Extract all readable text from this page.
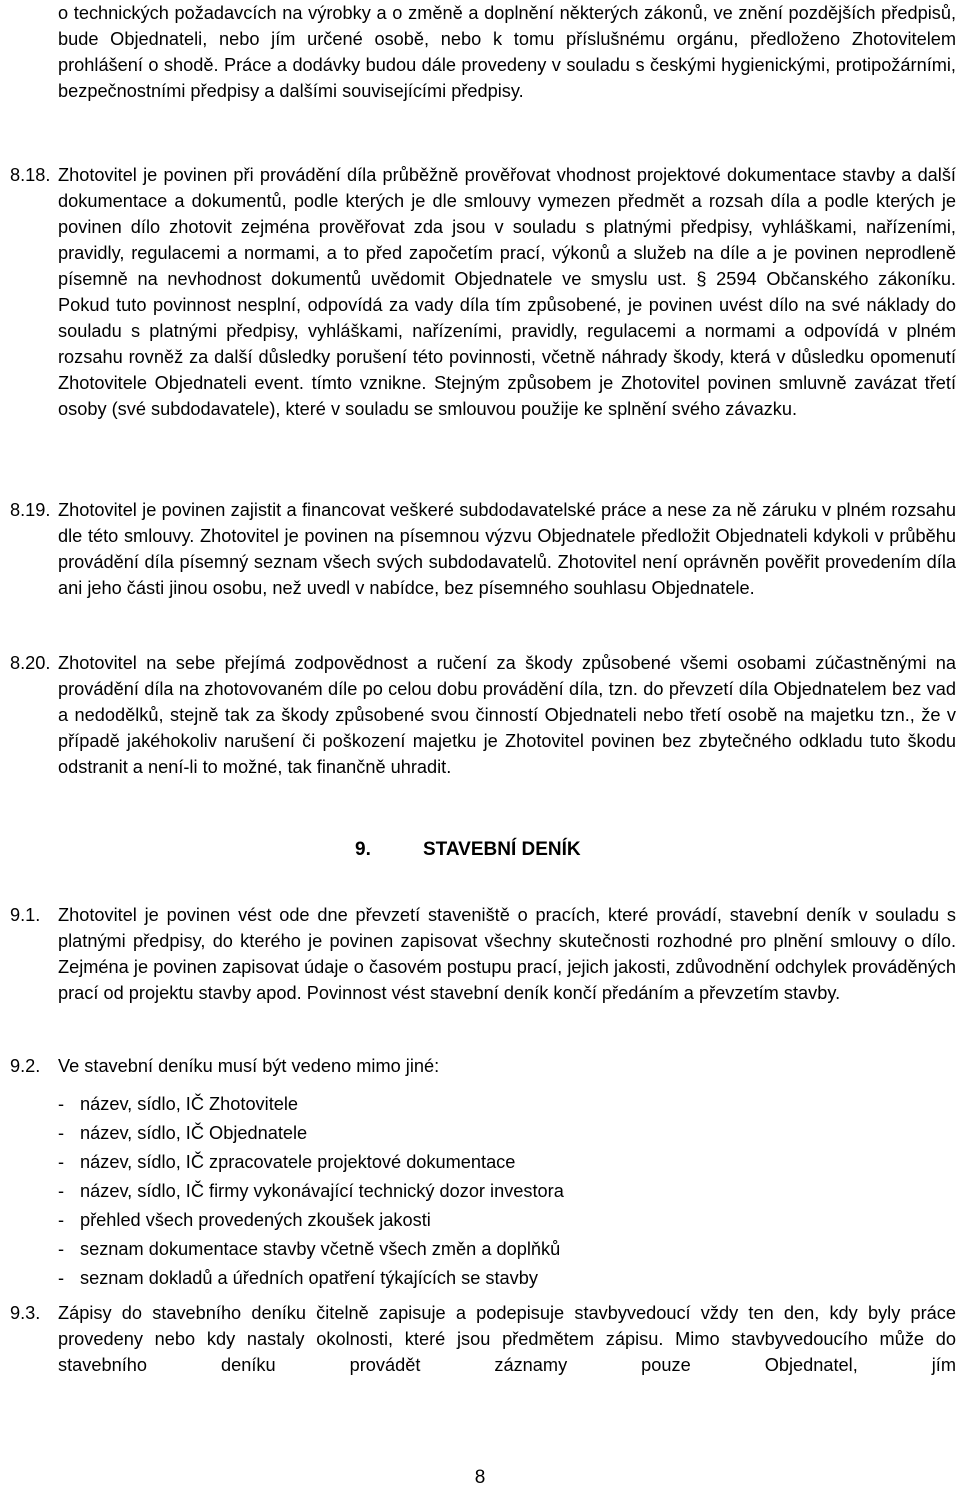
o technických požadavcích na výrobky a o změně a doplnění některých zákonů, ve znění pozdějších předpisů, bude Objednateli, nebo jím určené osobě, nebo k tomu příslušnému orgánu, předloženo Zhotovitelem prohlášení o shodě. Práce a dodávky budou dále provedeny v souladu s českými hygienickými, protipožárními, bezpečnostními předpisy a dalšími souvisejícími předpisy.

8.18. Zhotovitel je povinen při provádění díla průběžně prověřovat vhodnost projektové dokumentace stavby a další dokumentace a dokumentů, podle kterých je dle smlouvy vymezen předmět a rozsah díla a podle kterých je povinen dílo zhotovit zejména prověřovat zda jsou v souladu s platnými předpisy, vyhláškami, nařízeními, pravidly, regulacemi a normami, a to před započetím prací, výkonů a služeb na díle a je povinen neprodleně písemně na nevhodnost dokumentů uvědomit Objednatele ve smyslu ust. § 2594 Občanského zákoníku. Pokud tuto povinnost nesplní, odpovídá za vady díla tím způsobené, je povinen uvést dílo na své náklady do souladu s platnými předpisy, vyhláškami, nařízeními, pravidly, regulacemi a normami a odpovídá v plném rozsahu rovněž za další důsledky porušení této povinnosti, včetně náhrady škody, která v důsledku opomenutí Zhotovitele Objednateli event. tímto vznikne. Stejným způsobem je Zhotovitel povinen smluvně zavázat třetí osoby (své subdodavatele), které v souladu se smlouvou použije ke splnění svého závazku.

8.19. Zhotovitel je povinen zajistit a financovat veškeré subdodavatelské práce a nese za ně záruku v plném rozsahu dle této smlouvy. Zhotovitel je povinen na písemnou výzvu Objednatele předložit Objednateli kdykoli v průběhu provádění díla písemný seznam všech svých subdodavatelů. Zhotovitel není oprávněn pověřit provedením díla ani jeho části jinou osobu, než uvedl v nabídce, bez písemného souhlasu Objednatele.

8.20. Zhotovitel na sebe přejímá zodpovědnost a ručení za škody způsobené všemi osobami zúčastněnými na provádění díla na zhotovovaném díle po celou dobu provádění díla, tzn. do převzetí díla Objednatelem bez vad a nedodělků, stejně tak za škody způsobené svou činností Objednateli nebo třetí osobě na majetku tzn., že v případě jakéhokoliv narušení či poškození majetku je Zhotovitel povinen bez zbytečného odkladu tuto škodu odstranit a není-li to možné, tak finančně uhradit.

9.	STAVEBNÍ DENÍK
9.1. Zhotovitel je povinen vést ode dne převzetí staveniště o pracích, které provádí, stavební deník v souladu s platnými předpisy, do kterého je povinen zapisovat všechny skutečnosti rozhodné pro plnění smlouvy o dílo. Zejména je povinen zapisovat údaje o časovém postupu prací, jejich jakosti, zdůvodnění odchylek prováděných prací od projektu stavby apod. Povinnost vést stavební deník končí předáním a převzetím stavby.

9.2. Ve stavební deníku musí být vedeno mimo jiné:

- název, sídlo, IČ Zhotovitele
- název, sídlo, IČ Objednatele
- název, sídlo, IČ zpracovatele projektové dokumentace
- název, sídlo, IČ firmy vykonávající technický dozor investora
- přehled všech provedených zkoušek jakosti
- seznam dokumentace stavby včetně všech změn a doplňků
- seznam dokladů a úředních opatření týkajících se stavby
9.3. Zápisy do stavebního deníku čitelně zapisuje a podepisuje stavbyvedoucí vždy ten den, kdy byly práce provedeny nebo kdy nastaly okolnosti, které jsou předmětem zápisu. Mimo stavbyvedoucího může do stavebního deníku provádět záznamy pouze Objednatel, jím

8
